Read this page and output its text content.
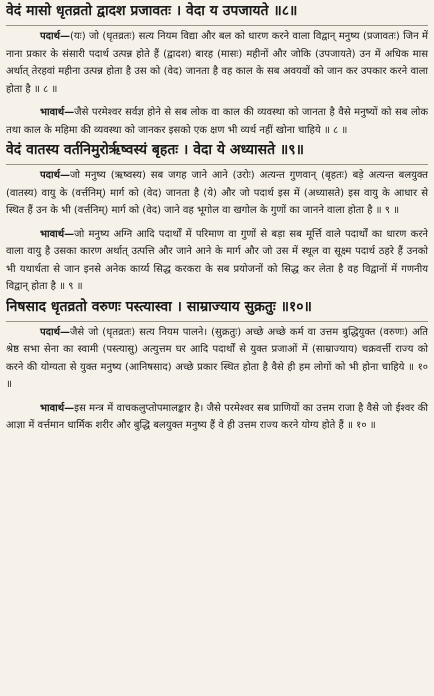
वेदं मासो धृतव्रतो द्वादश प्रजावतः । वेदा य उपजायते ॥८॥

पदार्थ—(यः) जो (धृतव्रतः) सत्य नियम विद्या और बल को धारण करने वाला विद्वान् मनुष्य (प्रजावतः) जिन में नाना प्रकार के संसारी पदार्थ उत्पन्न होते हैं (द्वादश) बारह (मासः) महीनों और जोकि (उपजायते) उन में अधिक मास अर्थात् तेरहवां महीना उत्पन्न होता है उस को (वेद) जानता है वह काल के सब अवयवों को जान कर उपकार करने वाला होता है ॥ ८ ॥

भावार्थ—जैसे परमेश्वर सर्वज्ञ होने से सब लोक वा काल की व्यवस्था को जानता है वैसे मनुष्यों को सब लोक तथा काल के महिमा की व्यवस्था को जानकर इसको एक क्षण भी व्यर्थ नहीं खोना चाहिये ॥ ८ ॥

वेदं वातस्य वर्तनिमुरोर्ऋष्वस्यं बृहतः । वेदा ये अध्यासते ॥९॥

पदार्थ—जो मनुष्य (ऋष्वस्य) सब जगह जाने आने (उरोः) अत्यन्त गुणवान् (बृहतः) बड़े अत्यन्त बलयुक्त (वातस्य) वायु के (वर्त्तनिम्) मार्ग को (वेद) जानता है (ये) और जो पदार्थ इस में (अध्यासते) इस वायु के आधार से स्थित हैं उन के भी (वर्त्तनिम्) मार्ग को (वेद) जाने वह भूगोल वा खगोल के गुणों का जानने वाला होता है ॥ ९ ॥

भावार्थ—जो मनुष्य अग्नि आदि पदार्थों में परिमाण वा गुणों से बड़ा सब मूर्त्ति वाले पदार्थों का धारण करने वाला वायु है उसका कारण अर्थात् उत्पत्ति और जाने आने के मार्ग और जो उस में स्थूल वा सूक्ष्म पदार्थ ठहरे हैं उनको भी यथार्थता से जान इनसे अनेक कार्य्य सिद्ध करकरा के सब प्रयोजनों को सिद्ध कर लेता है वह विद्वानों में गणनीय विद्वान् होता है ॥ ९ ॥

निषसाद धृतव्रतो वरुणः पस्त्यास्वा । साम्राज्याय सुक्रतुः ॥१०॥

पदार्थ—जैसे जो (धृतव्रतः) सत्य नियम पालने। (सुक्रतुः) अच्छे अच्छे कर्म वा उत्तम बुद्धियुक्त (वरुणः) अति श्रेष्ठ सभा सेना का स्वामी (पस्त्यासु) अत्युत्तम घर आदि पदार्थों से युक्त प्रजाओं में (साम्राज्याय) चक्रवर्त्ती राज्य को करने की योग्यता से युक्त मनुष्य (आनिषसाद) अच्छे प्रकार स्थित होता है वैसे ही हम लोगों को भी होना चाहिये ॥ १० ॥

भावार्थ—इस मन्त्र में वाचकलुप्तोपमालङ्कार है। जैसे परमेश्वर सब प्राणियों का उत्तम राजा है वैसे जो ईश्वर की आज्ञा में वर्त्तमान धार्मिक शरीर और बुद्धि बलयुक्त मनुष्य हैं वे ही उत्तम राज्य करने योग्य होते हैं ॥ १० ॥
